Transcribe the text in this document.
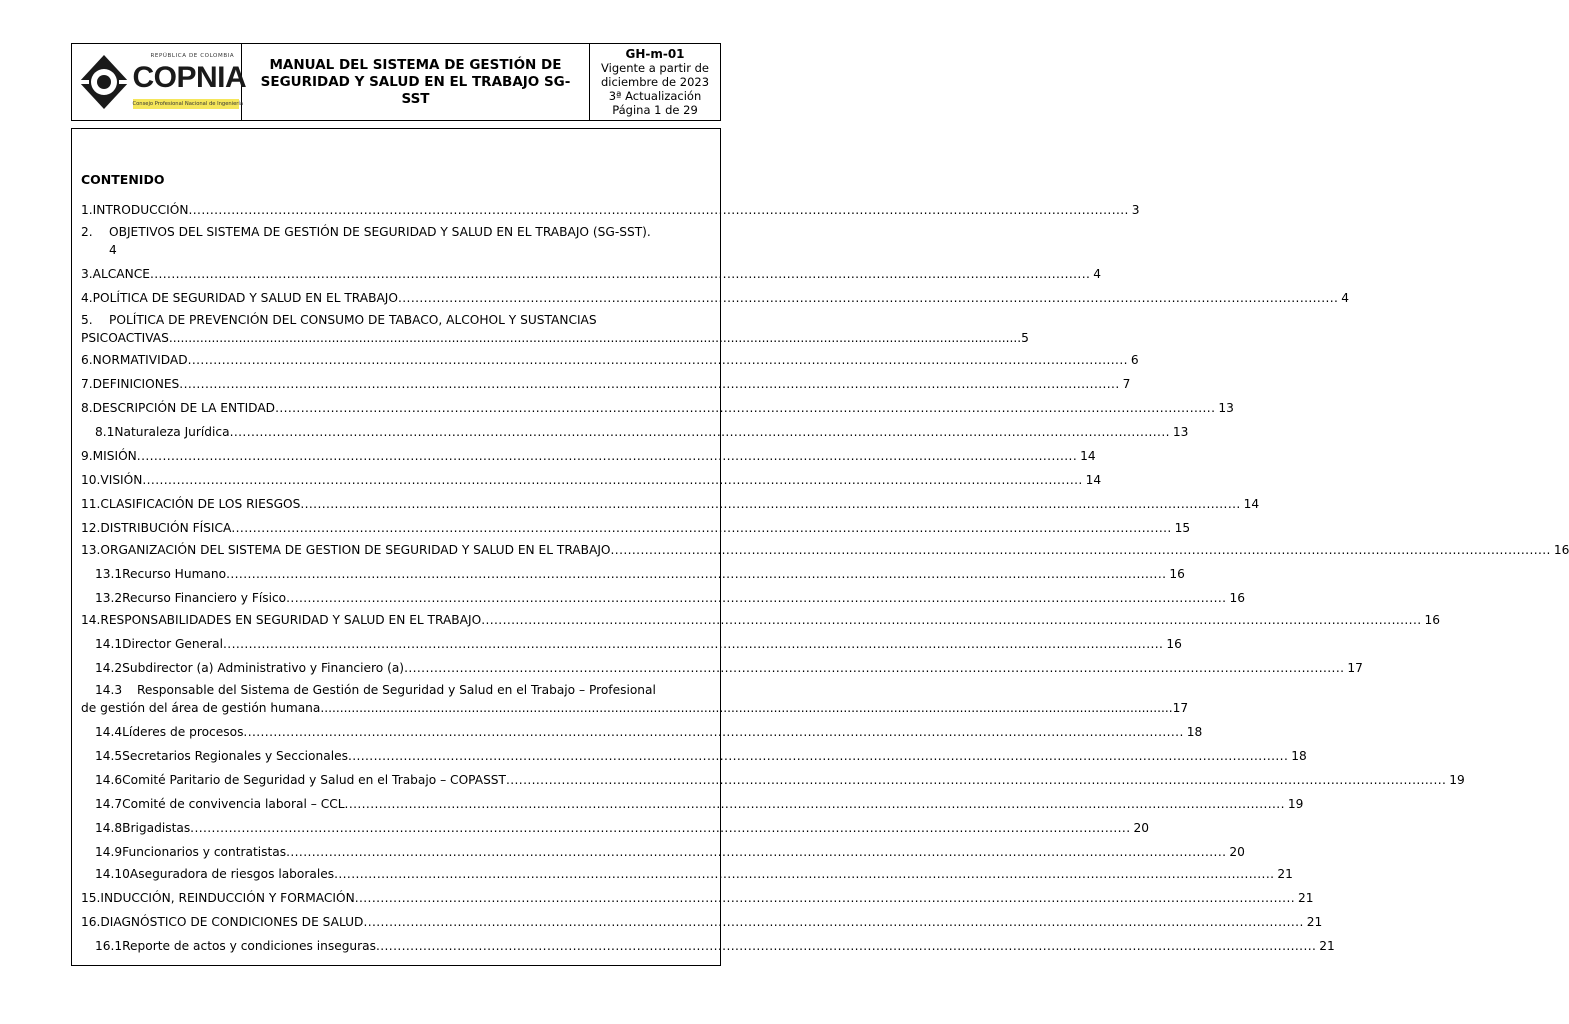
REPÚBLICA DE COLOMBIA
COPNIA
Consejo Profesional Nacional de Ingeniería
MANUAL DEL SISTEMA DE GESTIÓN DE SEGURIDAD Y SALUD EN EL TRABAJO SG-SST
GH-m-01
Vigente a partir de
diciembre de 2023
3ª Actualización
Página 1 de 29
CONTENIDO
1. INTRODUCCIÓN ............................................................................................................................................................................................................................ 3
2.	OBJETIVOS DEL SISTEMA DE GESTIÓN DE SEGURIDAD Y SALUD EN EL TRABAJO (SG-SST).
4
3. ALCANCE ............................................................................................................................................................................................................................ 4
4. POLÍTICA DE SEGURIDAD Y SALUD EN EL TRABAJO ............................................................................................................................................................................................................................ 4
5.	POLÍTICA DE PREVENCIÓN DEL CONSUMO DE TABACO, ALCOHOL Y SUSTANCIAS
PSICOACTIVAS ............................................................................................................................................................................................................................ 5
6. NORMATIVIDAD ............................................................................................................................................................................................................................ 6
7. DEFINICIONES ............................................................................................................................................................................................................................ 7
8. DESCRIPCIÓN DE LA ENTIDAD ............................................................................................................................................................................................................................ 13
8.1 Naturaleza Jurídica ............................................................................................................................................................................................................................ 13
9. MISIÓN ............................................................................................................................................................................................................................ 14
10. VISIÓN ............................................................................................................................................................................................................................ 14
11. CLASIFICACIÓN DE LOS RIESGOS ............................................................................................................................................................................................................................ 14
12. DISTRIBUCIÓN FÍSICA ............................................................................................................................................................................................................................ 15
13. ORGANIZACIÓN DEL SISTEMA DE GESTION DE SEGURIDAD Y SALUD EN EL TRABAJO ............................................................................................................................................................................................................................ 16
13.1 Recurso Humano ............................................................................................................................................................................................................................ 16
13.2 Recurso Financiero y Físico ............................................................................................................................................................................................................................ 16
14. RESPONSABILIDADES EN SEGURIDAD Y SALUD EN EL TRABAJO ............................................................................................................................................................................................................................ 16
14.1 Director General ............................................................................................................................................................................................................................ 16
14.2 Subdirector (a) Administrativo y Financiero (a) ............................................................................................................................................................................................................................ 17
14.3	Responsable del Sistema de Gestión de Seguridad y Salud en el Trabajo – Profesional
de gestión del área de gestión humana ............................................................................................................................................................................................................................ 17
14.4 Líderes de procesos ............................................................................................................................................................................................................................ 18
14.5 Secretarios Regionales y Seccionales ............................................................................................................................................................................................................................ 18
14.6 Comité Paritario de Seguridad y Salud en el Trabajo – COPASST ............................................................................................................................................................................................................................ 19
14.7 Comité de convivencia laboral – CCL ............................................................................................................................................................................................................................ 19
14.8 Brigadistas ............................................................................................................................................................................................................................ 20
14.9 Funcionarios y contratistas ............................................................................................................................................................................................................................ 20
14.10 Aseguradora de riesgos laborales ............................................................................................................................................................................................................................ 21
15. INDUCCIÓN, REINDUCCIÓN Y FORMACIÓN ............................................................................................................................................................................................................................ 21
16. DIAGNÓSTICO DE CONDICIONES DE SALUD ............................................................................................................................................................................................................................ 21
16.1 Reporte de actos y condiciones inseguras ............................................................................................................................................................................................................................ 21
